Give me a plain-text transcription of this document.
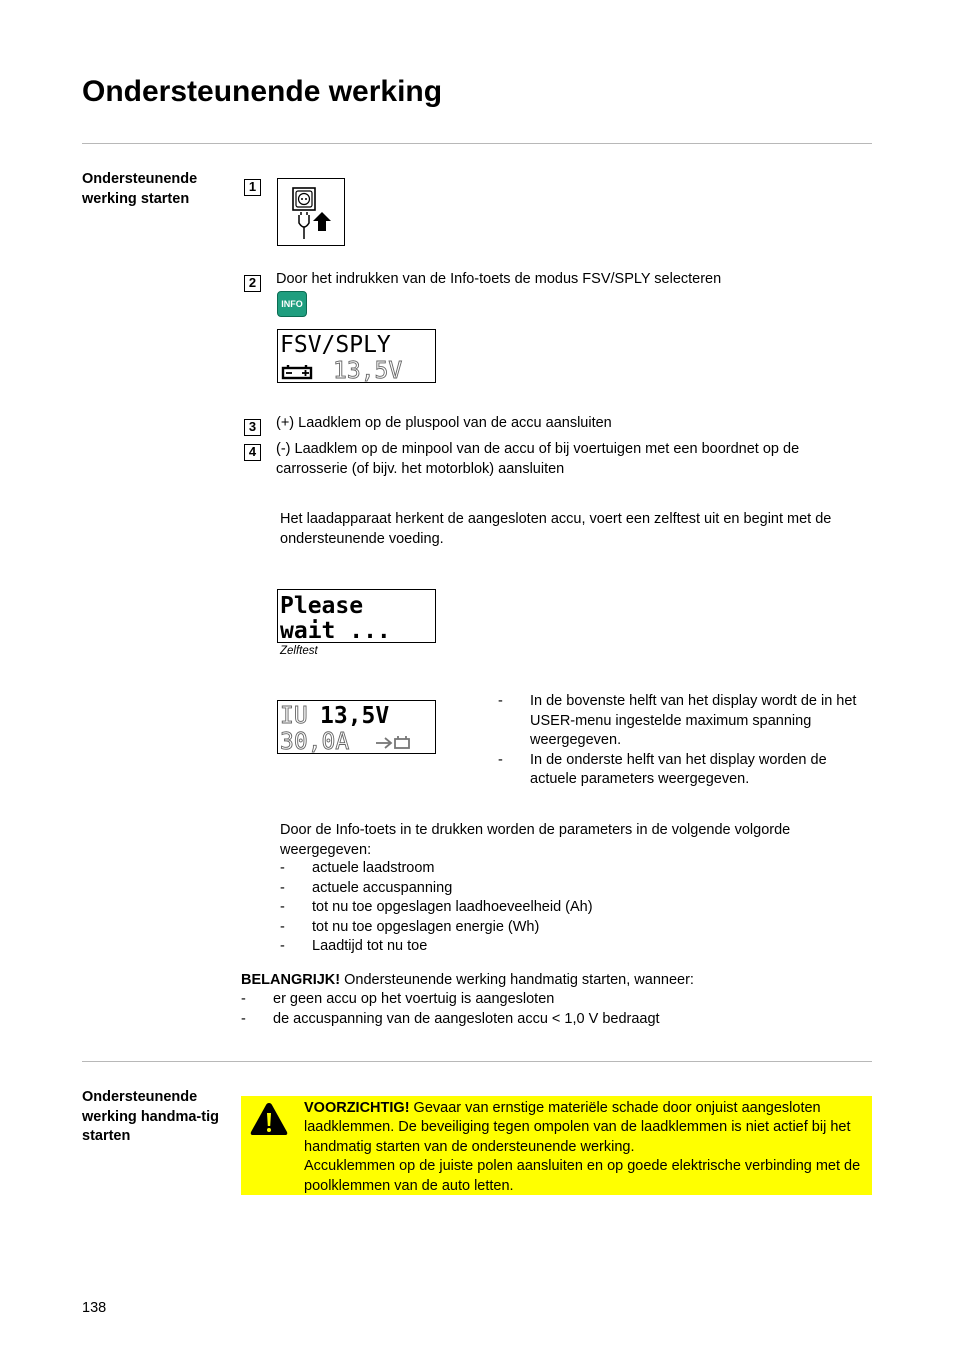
Ondersteunende werking
Ondersteunende werking starten
1
2	Door het indrukken van de Info-toets de modus FSV/SPLY selecteren
INFO
FSV/SPLY
13,5V
3	(+) Laadklem op de pluspool van de accu aansluiten
4	(-) Laadklem op de minpool van de accu of bij voertuigen met een boordnet op de carrosserie (of bijv. het motorblok) aansluiten
Het laadapparaat herkent de aangesloten accu, voert een zelftest uit en begint met de ondersteunende voeding.
Please
wait ...
Zelftest
IU 13,5V
30,0A
- In de bovenste helft van het display wordt de in het USER-menu ingestelde maximum spanning weergegeven.
- In de onderste helft van het display worden de actuele parameters weergegeven.
Door de Info-toets in te drukken worden de parameters in de volgende volgorde weergegeven:
- actuele laadstroom
- actuele accuspanning
- tot nu toe opgeslagen laadhoeveelheid (Ah)
- tot nu toe opgeslagen energie (Wh)
- Laadtijd tot nu toe
BELANGRIJK! Ondersteunende werking handmatig starten, wanneer:
- er geen accu op het voertuig is aangesloten
- de accuspanning van de aangesloten accu < 1,0 V bedraagt
Ondersteunende werking handma-tig starten
VOORZICHTIG! Gevaar van ernstige materiële schade door onjuist aangesloten laadklemmen. De beveiliging tegen ompolen van de laadklemmen is niet actief bij het handmatig starten van de ondersteunende werking.
Accuklemmen op de juiste polen aansluiten en op goede elektrische verbinding met de poolklemmen van de auto letten.
138
